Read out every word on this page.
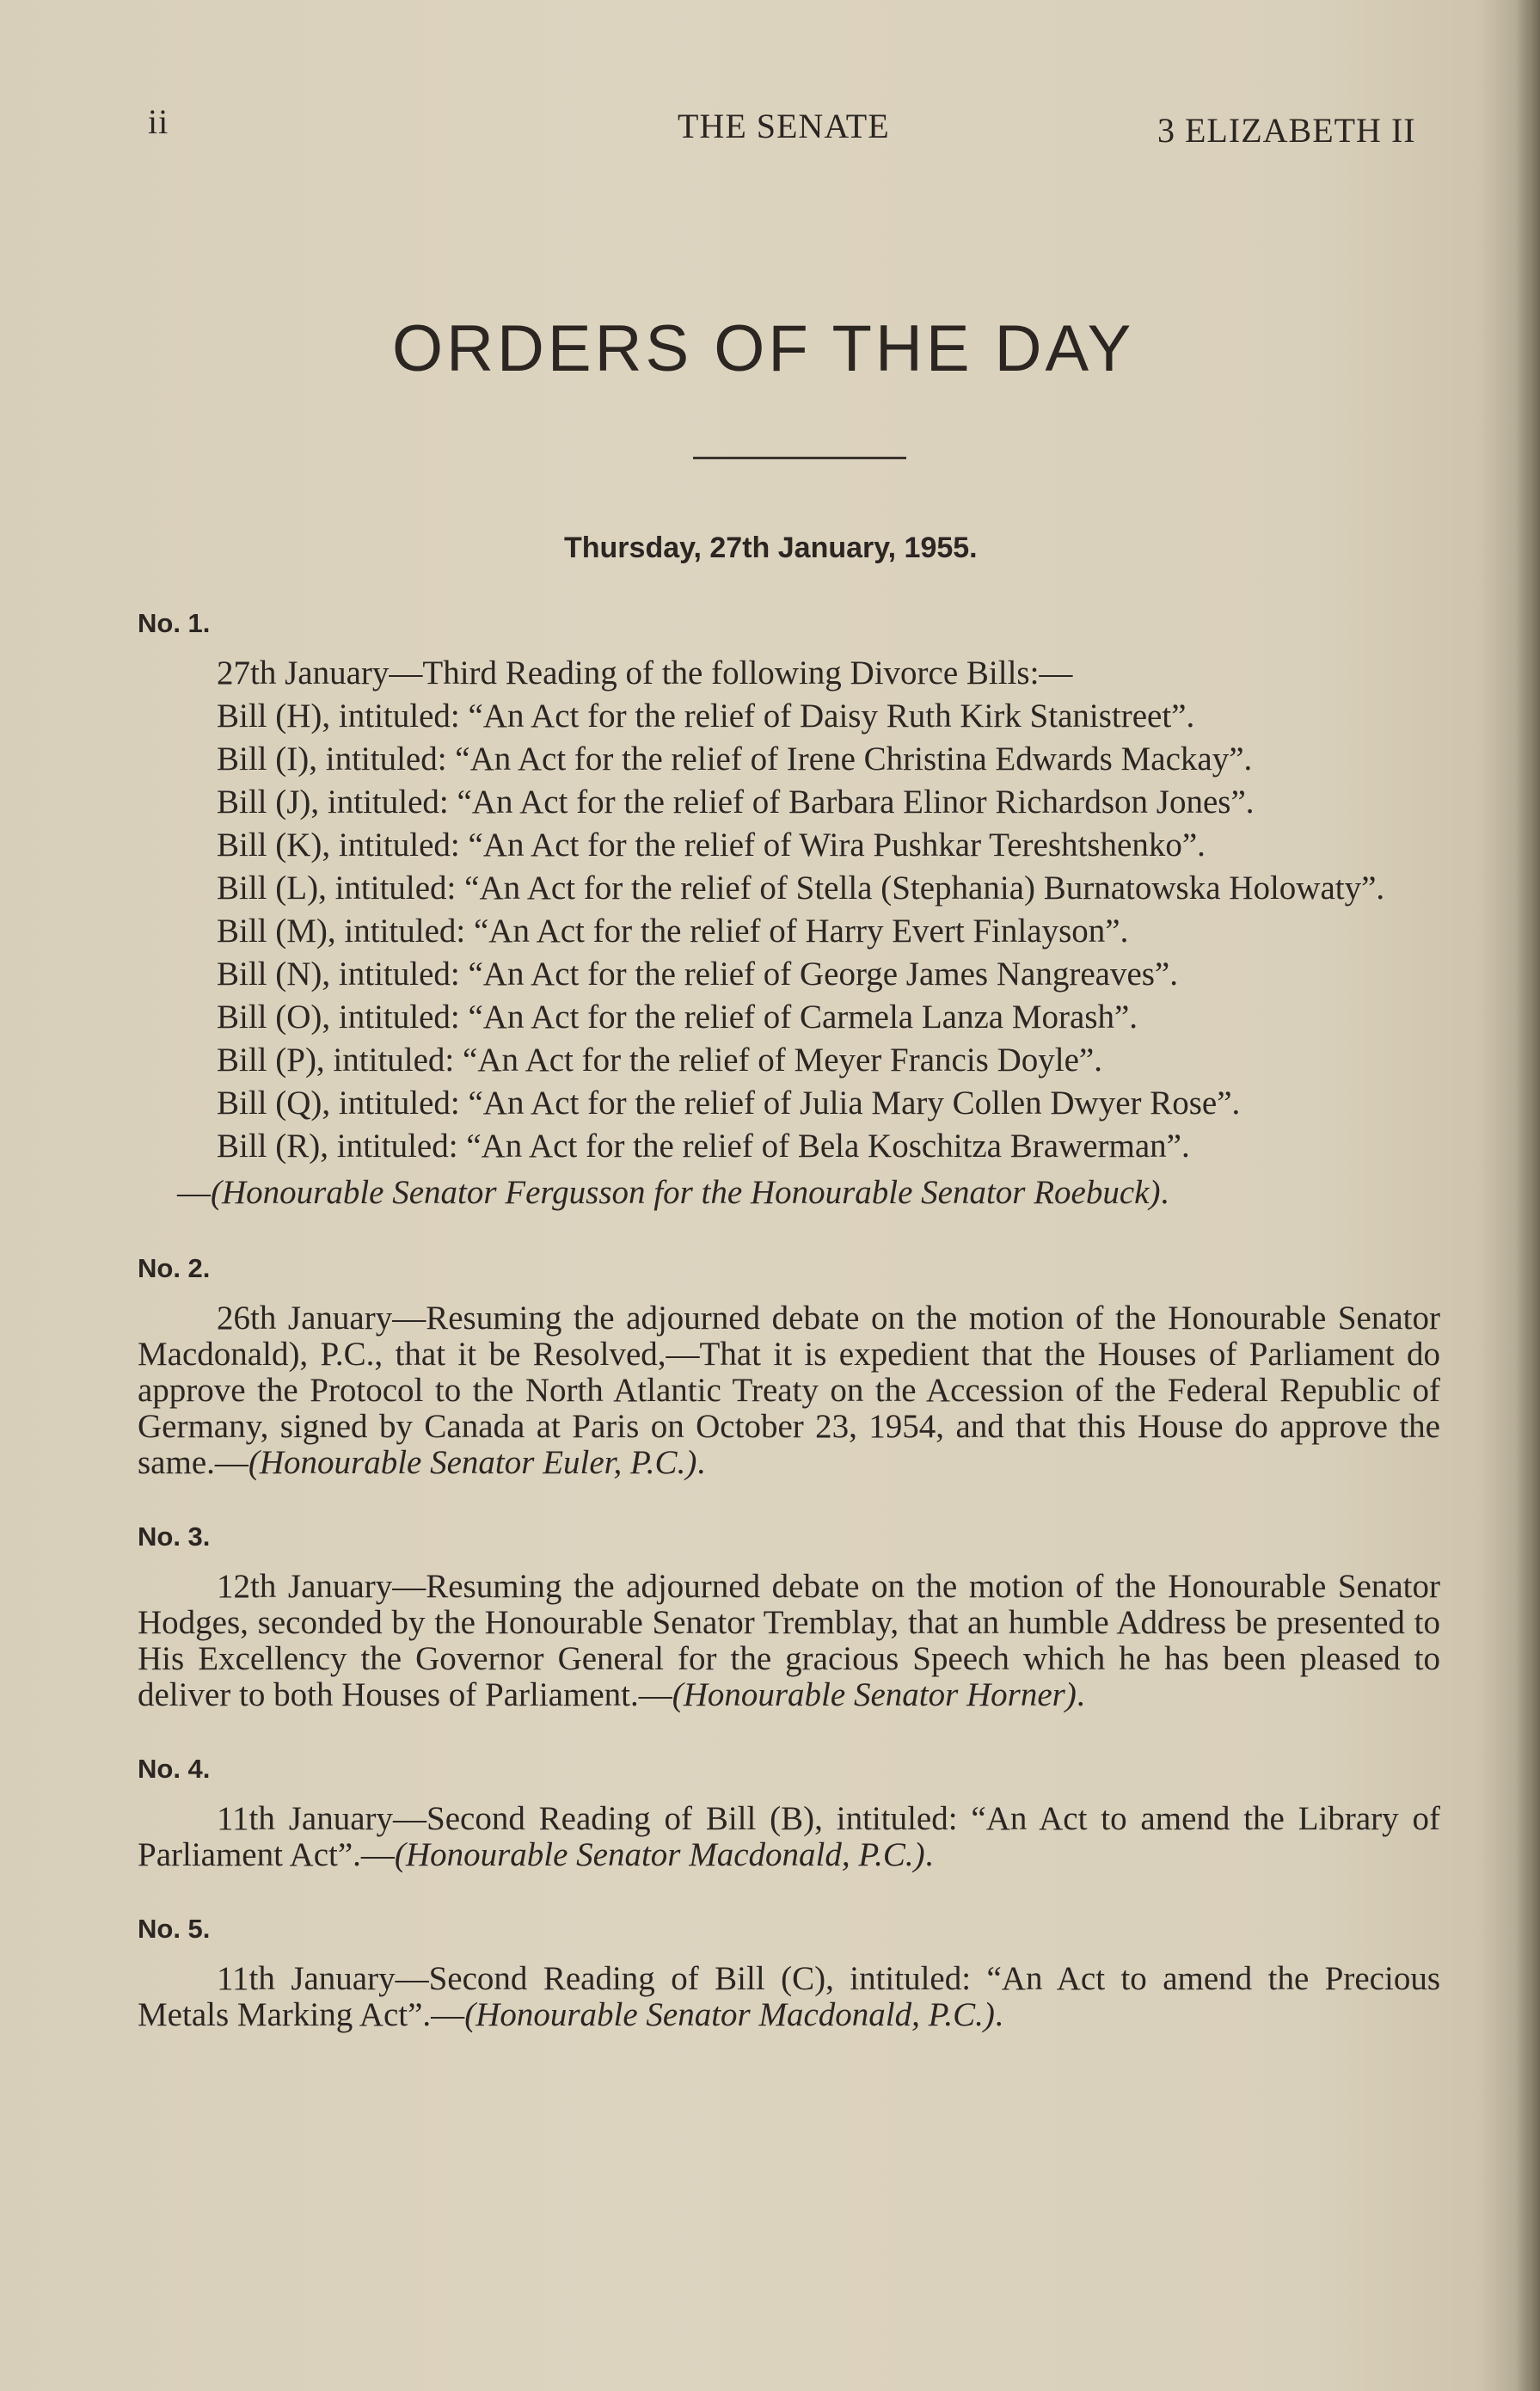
ii	THE SENATE	3 ELIZABETH II
ORDERS OF THE DAY
Thursday, 27th January, 1955.
No. 1.
27th January—Third Reading of the following Divorce Bills:—
Bill (H), intituled: “An Act for the relief of Daisy Ruth Kirk Stanistreet”.
Bill (I), intituled: “An Act for the relief of Irene Christina Edwards Mackay”.
Bill (J), intituled: “An Act for the relief of Barbara Elinor Richardson Jones”.
Bill (K), intituled: “An Act for the relief of Wira Pushkar Tereshtshenko”.
Bill (L), intituled: “An Act for the relief of Stella (Stephania) Burnatowska Holowaty”.
Bill (M), intituled: “An Act for the relief of Harry Evert Finlayson”.
Bill (N), intituled: “An Act for the relief of George James Nangreaves”.
Bill (O), intituled: “An Act for the relief of Carmela Lanza Morash”.
Bill (P), intituled: “An Act for the relief of Meyer Francis Doyle”.
Bill (Q), intituled: “An Act for the relief of Julia Mary Collen Dwyer Rose”.
Bill (R), intituled: “An Act for the relief of Bela Koschitza Brawerman”.
—(Honourable Senator Fergusson for the Honourable Senator Roebuck).
No. 2.
26th January—Resuming the adjourned debate on the motion of the Honourable Senator Macdonald), P.C., that it be Resolved,—That it is expedient that the Houses of Parliament do approve the Protocol to the North Atlantic Treaty on the Accession of the Federal Republic of Germany, signed by Canada at Paris on October 23, 1954, and that this House do approve the same.—(Honourable Senator Euler, P.C.).
No. 3.
12th January—Resuming the adjourned debate on the motion of the Honourable Senator Hodges, seconded by the Honourable Senator Tremblay, that an humble Address be presented to His Excellency the Governor General for the gracious Speech which he has been pleased to deliver to both Houses of Parliament.—(Honourable Senator Horner).
No. 4.
11th January—Second Reading of Bill (B), intituled: “An Act to amend the Library of Parliament Act”.—(Honourable Senator Macdonald, P.C.).
No. 5.
11th January—Second Reading of Bill (C), intituled: “An Act to amend the Precious Metals Marking Act”.—(Honourable Senator Macdonald, P.C.).
